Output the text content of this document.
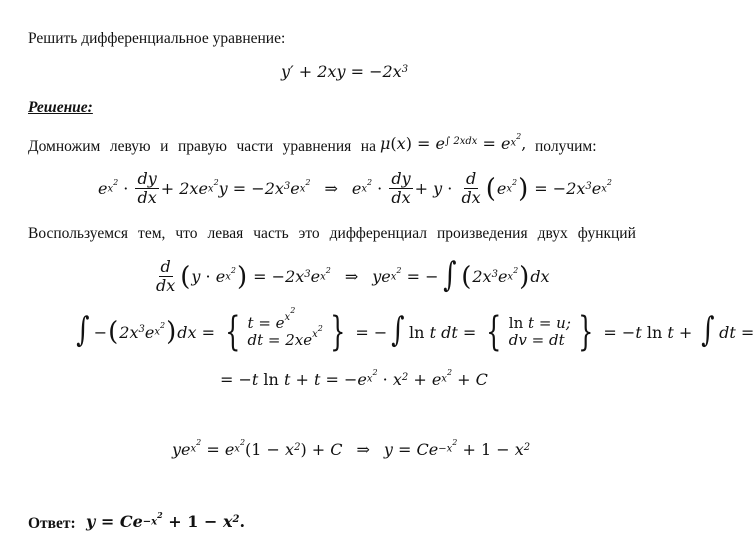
Решить дифференциальное уравнение:
y′ + 2xy = − $2x^3$
Решение:
Домножим левую и правую части уравнения на μ ( x ) = e $^{\int 2xdx} = e^{x^2}$ , получим:
$e^{x^2} \cdot \frac{dy}{dx} + 2xe^{x^2}$ y = − $2x^3$ $e^{x^2}$ ⇒ $e^{x^2} \cdot \frac{dy}{dx} + y \cdot \frac{d}{dx}$ ( $e^{x^2}$ ) = − $2x^3$ $e^{x^2}$
Воспользуемся тем, что левая часть это дифференциал произведения двух функций
$\frac{d}{dx}$ ( $y \cdot e^{x^2}$ ) = − $2x^3$ $e^{x^2}$ ⇒ $ye^{x^2}$ = − ∫ ( $2x^3$ $e^{x^2}$ ) dx
∫ − ( $2x^3$ $e^{x^2}$ ) dx = { $t = e^{x^2}$
dt = $2xe^{x^2}$ } = − ∫ ln t dt = { ln t = u;
dv = dt } = − t ln t + ∫ dt =
= − t ln t + t = − $e^{x^2} \cdot x^2 + e^{x^2} + C$
$ye^{x^2} = e^{x^2}$ ($1 - x^2$ ) + C ⇒ y = Ce $^{-x^2} + 1 - x^2$
Ответ: y = Ce $^{-x^2} + 1 - x^2$ .
